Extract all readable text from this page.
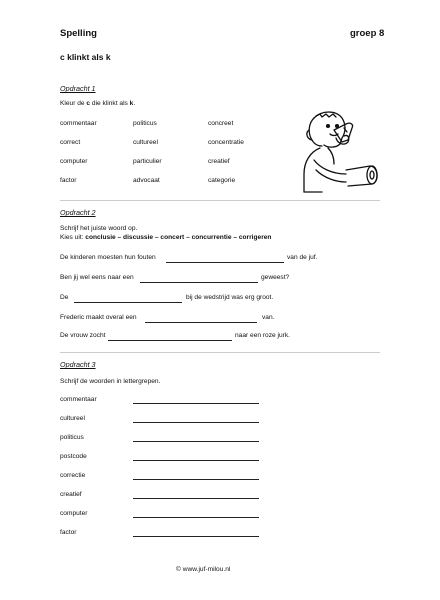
Spelling	groep 8
c klinkt als k
Opdracht 1
Kleur de c die klinkt als k.
commentaar	politicus	concreet
correct	cultureel	concentratie
computer	particulier	creatief
factor	advocaat	categorie
Opdracht 2
Schrijf het juiste woord op.
Kies uit: conclusie – discussie – concert – concurrentie – corrigeren
De kinderen moesten hun fouten	van de juf.
Ben jij wel eens naar een	geweest?
De	bij de wedstrijd was erg groot.
Frederic maakt overal een	van.
De vrouw zocht	naar een roze jurk.
Opdracht 3
Schrijf de woorden in lettergrepen.
commentaar
cultureel
politicus
postcode
correctie
creatief
computer
factor
© www.juf-milou.nl
